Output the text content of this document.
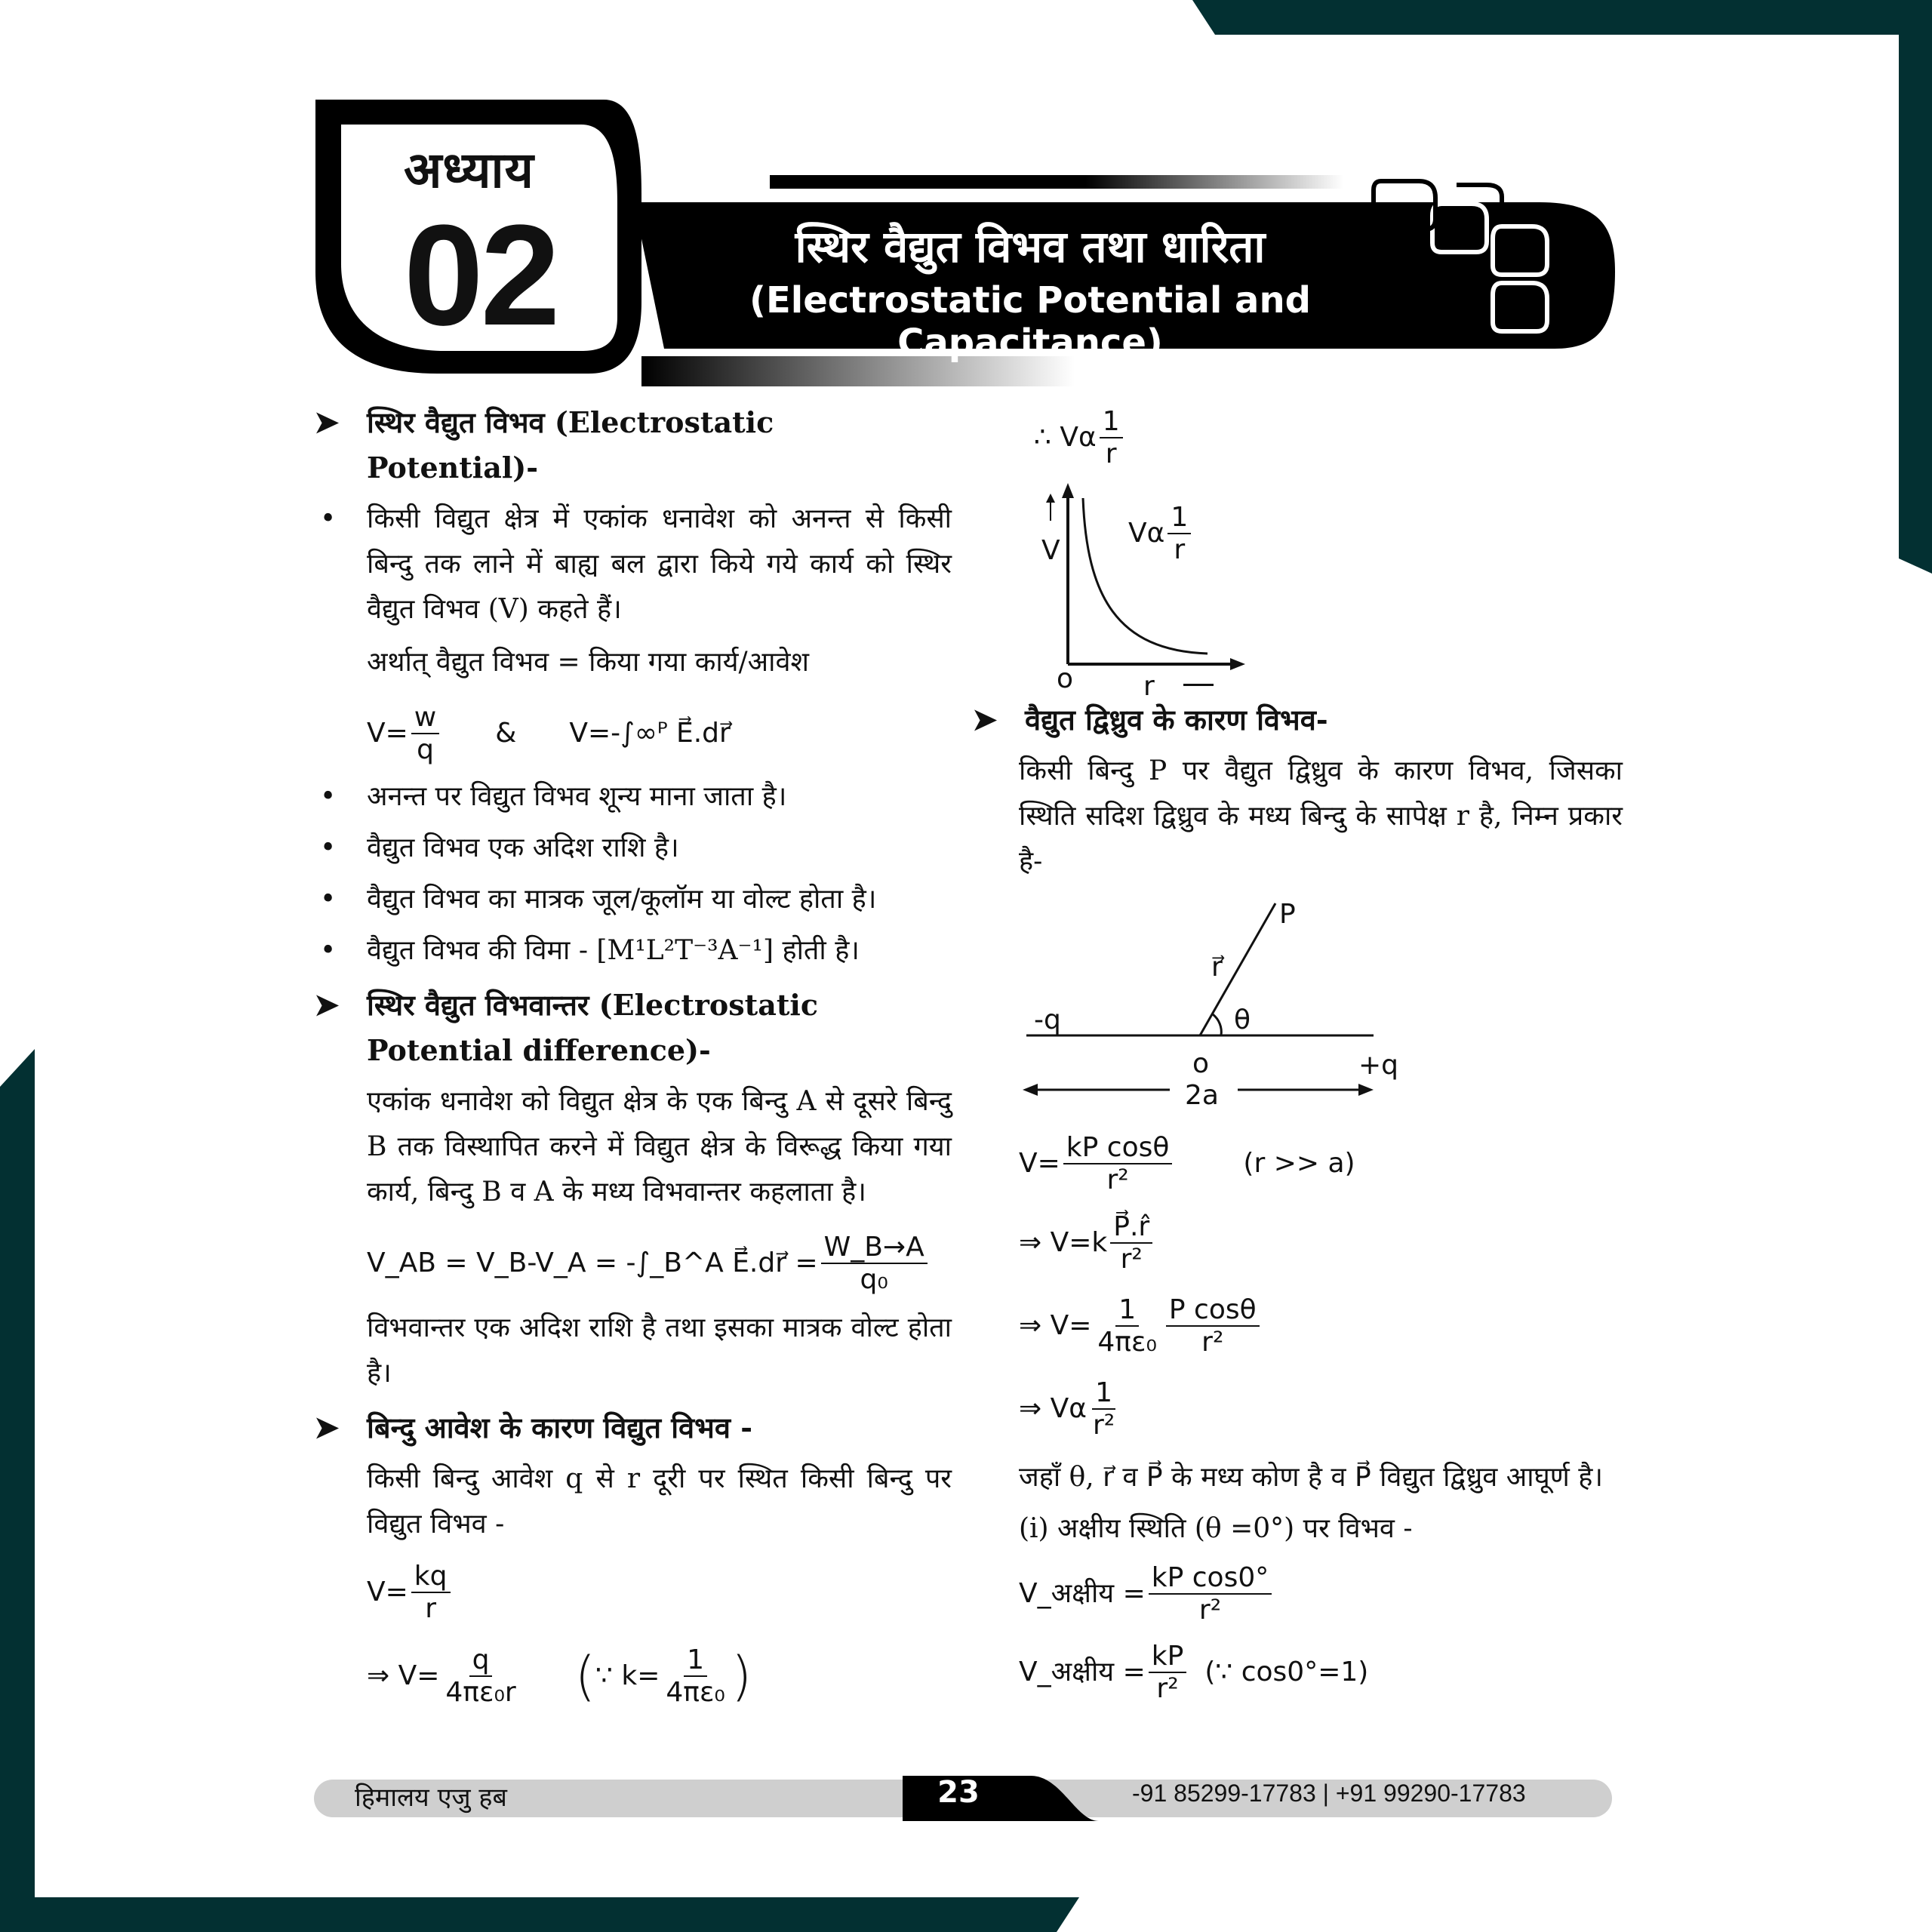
अध्याय
02	स्थिर वैद्युत विभव तथा धारिता
(Electrostatic Potential and Capacitance)
➤ स्थिर वैद्युत विभव (Electrostatic Potential)-
• किसी विद्युत क्षेत्र में एकांक धनावेश को अनन्त से किसी बिन्दु तक लाने में बाह्य बल द्वारा किये गये कार्य को स्थिर वैद्युत विभव (V) कहते हैं।
अर्थात् वैद्युत विभव = किया गया कार्य/आवेश
$V= \frac{w}{q}$ & V=-∫∞ᴾ E⃗.dr⃗
• अनन्त पर विद्युत विभव शून्य माना जाता है।
• वैद्युत विभव एक अदिश राशि है।
• वैद्युत विभव का मात्रक जूल/कूलॉम या वोल्ट होता है।
• वैद्युत विभव की विमा - [M¹L²T⁻³A⁻¹] होती है।
➤ स्थिर वैद्युत विभवान्तर (Electrostatic Potential difference)-
एकांक धनावेश को विद्युत क्षेत्र के एक बिन्दु A से दूसरे बिन्दु B तक विस्थापित करने में विद्युत क्षेत्र के विरूद्ध किया गया कार्य, बिन्दु B व A के मध्य विभवान्तर कहलाता है।
V_AB = V_B-V_A = -∫_B^A E⃗.dr⃗ = $\frac{W\_B\to A}{\text{q₀}}$
विभवान्तर एक अदिश राशि है तथा इसका मात्रक वोल्ट होता है।
➤ बिन्दु आवेश के कारण विद्युत विभव -
किसी बिन्दु आवेश q से r दूरी पर स्थित किसी बिन्दु पर विद्युत विभव -
$V= \frac{kq}{r}$
⇒ $V= \frac{q}{\text{4πε₀r}}$ ( ∵ $k= \frac{1}{\text{4πε₀}}$ )
∴ Vα $\frac{1}{r}$
V
o	r
Vα $\frac{1}{r}$
➤ वैद्युत द्विध्रुव के कारण विभव-
किसी बिन्दु P पर वैद्युत द्विध्रुव के कारण विभव, जिसका स्थिति सदिश द्विध्रुव के मध्य बिन्दु के सापेक्ष r है, निम्न प्रकार है-
P
r⃗
θ
-q
+q
o
2a
$V= \frac{\text{kP cosθ}}{\text{r²}}$	(r >> a)
⇒ $V=k \frac{P⃗.r̂}{\text{r²}}$
⇒ $V= \frac{1}{\text{4πε₀}} \frac{\text{P cosθ}}{\text{r²}}$
⇒ Vα $\frac{1}{\text{r²}}$
जहाँ θ, r⃗ व P⃗ के मध्य कोण है व P⃗ विद्युत द्विध्रुव आघूर्ण है।
(i) अक्षीय स्थिति (θ =0°) पर विभव -
V_अक्षीय = $\frac{\text{kP cos0°}}{\text{r²}}$
V_अक्षीय = $\frac{kP}{\text{r²}}$ (∵ cos0°=1)
हिमालय एजु हब	23	-91 85299-17783 | +91 99290-17783
